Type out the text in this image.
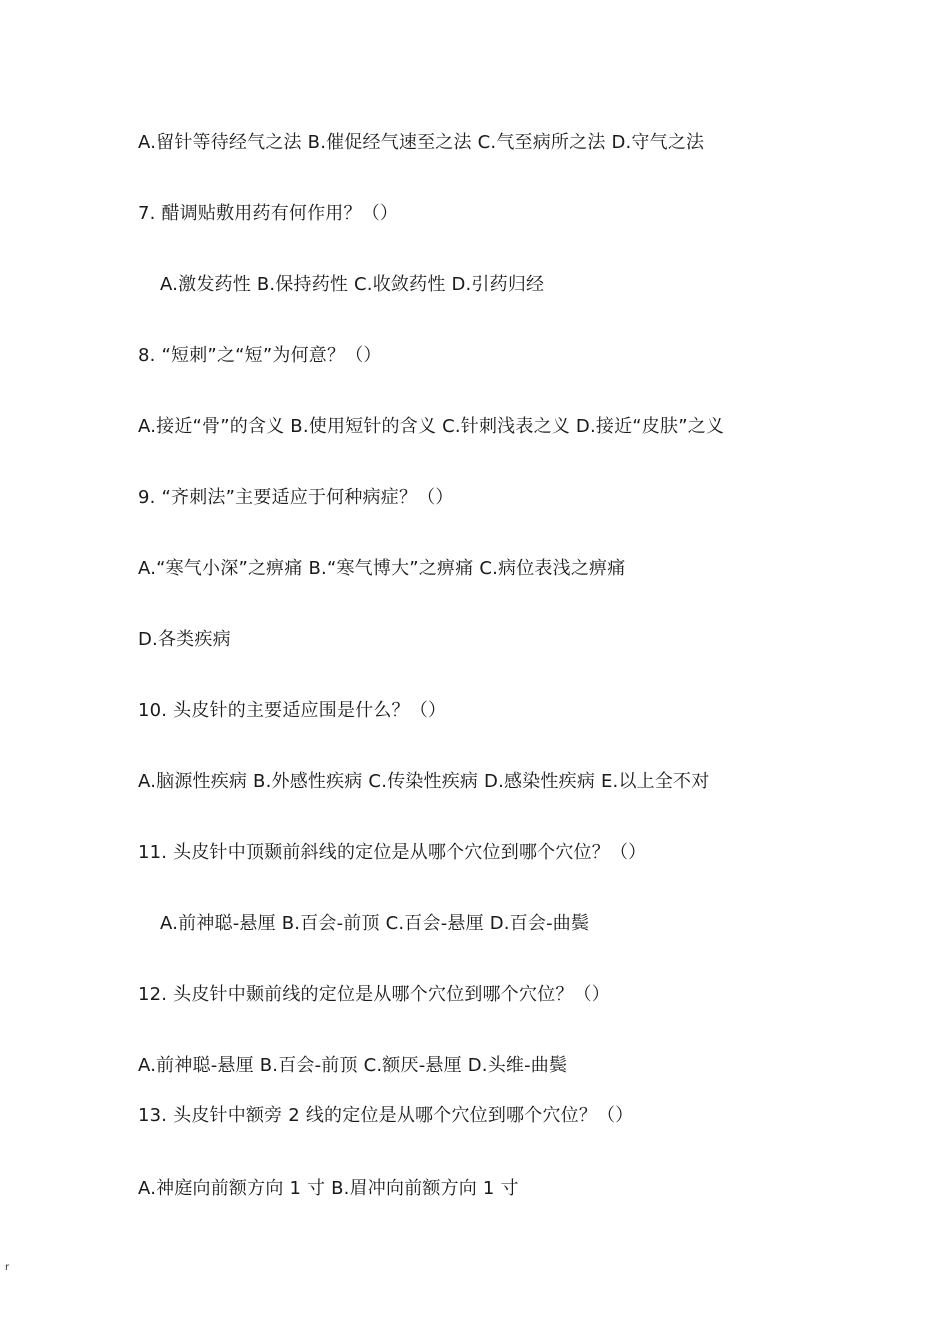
A.留针等待经气之法 B.催促经气速至之法 C.气至病所之法 D.守气之法
7. 醋调贴敷用药有何作用？（）
A.激发药性 B.保持药性 C.收敛药性 D.引药归经
8. “短刺”之“短”为何意？（）
A.接近“骨”的含义 B.使用短针的含义 C.针刺浅表之义 D.接近“皮肤”之义
9. “齐刺法”主要适应于何种病症？（）
A.“寒气小深”之痹痛 B.“寒气博大”之痹痛 C.病位表浅之痹痛
D.各类疾病
10. 头皮针的主要适应围是什么？（）
A.脑源性疾病 B.外感性疾病 C.传染性疾病 D.感染性疾病 E.以上全不对
11. 头皮针中顶颞前斜线的定位是从哪个穴位到哪个穴位？（）
A.前神聪-悬厘 B.百会-前顶 C.百会-悬厘 D.百会-曲鬓
12. 头皮针中颞前线的定位是从哪个穴位到哪个穴位？（）
A.前神聪-悬厘 B.百会-前顶 C.额厌-悬厘 D.头维-曲鬓
13. 头皮针中额旁 2 线的定位是从哪个穴位到哪个穴位？（）
A.神庭向前额方向 1 寸 B.眉冲向前额方向 1 寸
r
